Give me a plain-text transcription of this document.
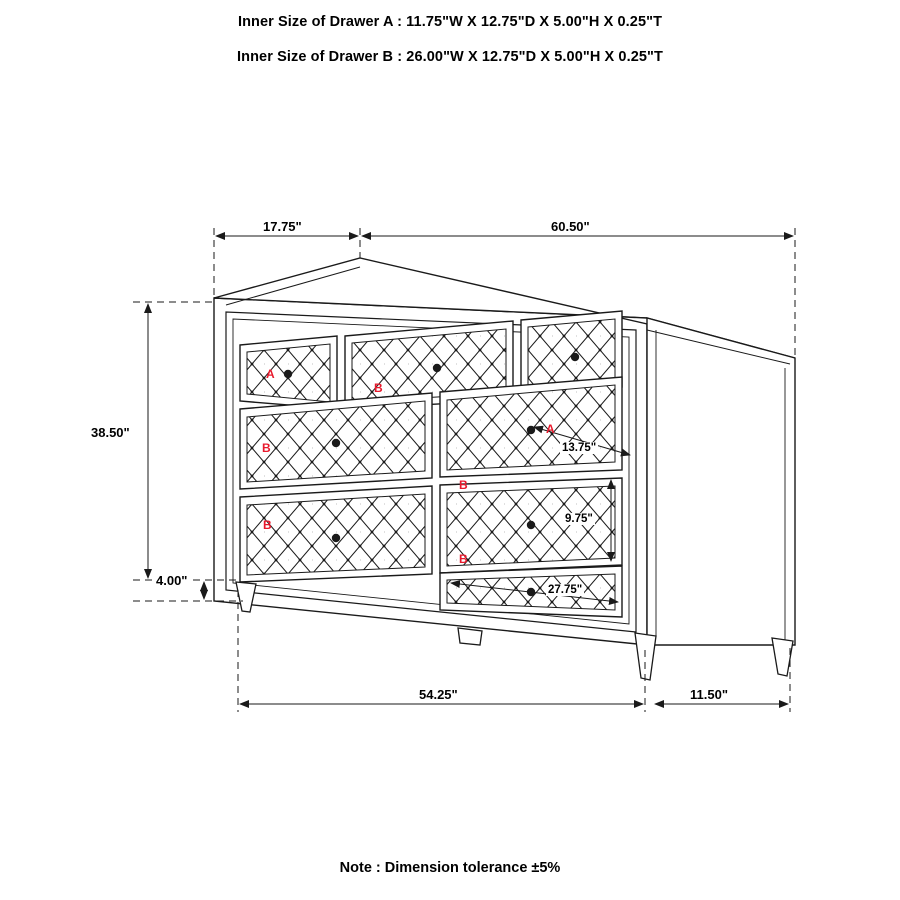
Inner Size of Drawer A : 11.75"W X 12.75"D X 5.00"H X 0.25"T
Inner Size of Drawer B : 26.00"W X 12.75"D X 5.00"H X 0.25"T
17.75"	60.50"
38.50"
4.00"
13.75"
9.75"
27.75"
54.25"	11.50"
A
B
A
B
B
B
B
Note : Dimension tolerance ±5%
